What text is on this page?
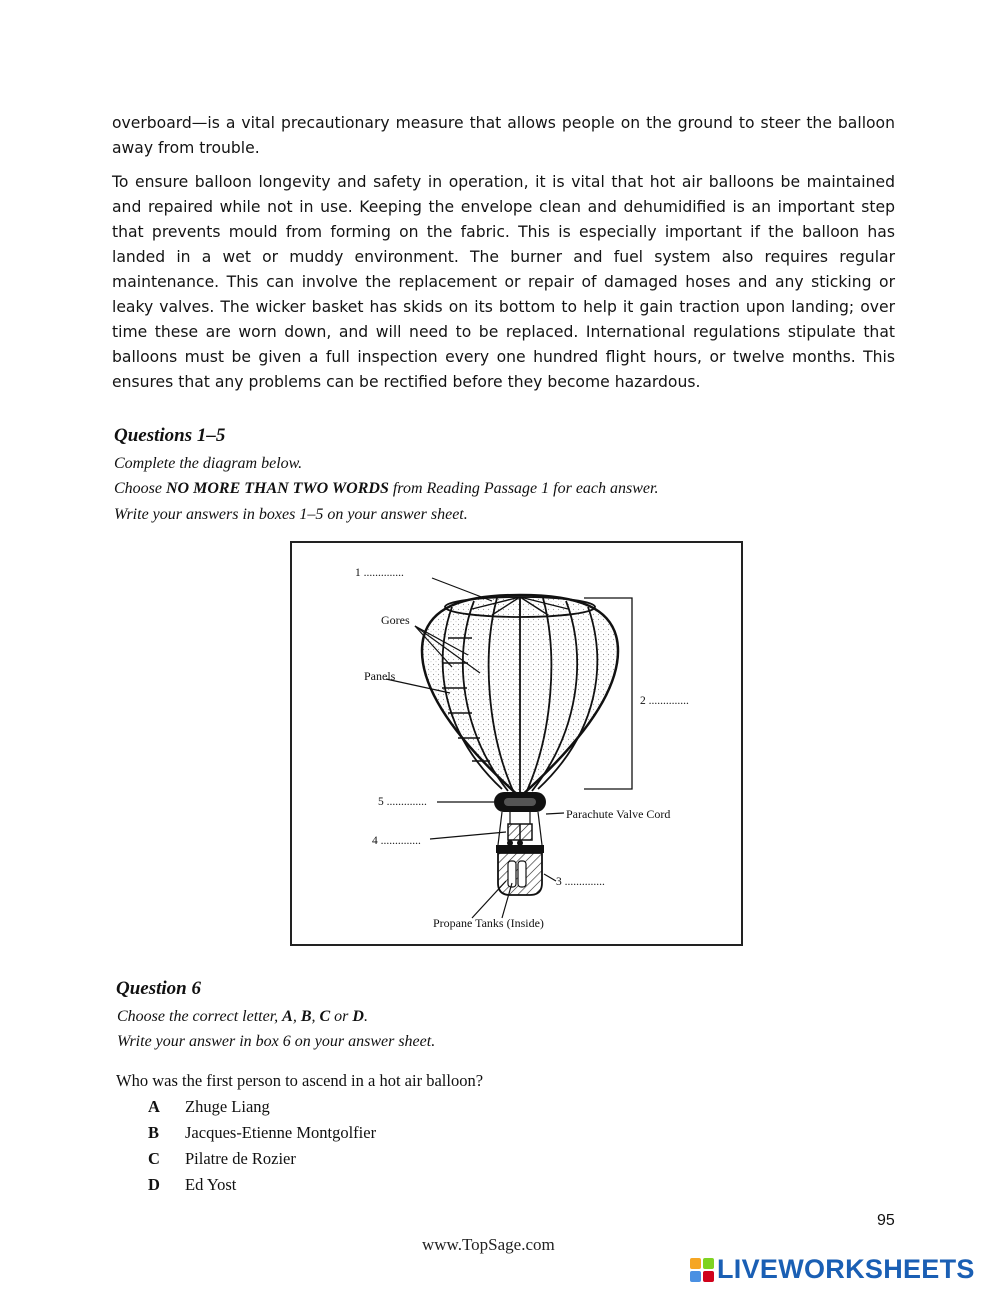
overboard—is a vital precautionary measure that allows people on the ground to steer the balloon away from trouble.

To ensure balloon longevity and safety in operation, it is vital that hot air balloons be maintained and repaired while not in use. Keeping the envelope clean and dehumidified is an important step that prevents mould from forming on the fabric. This is especially important if the balloon has landed in a wet or muddy environment. The burner and fuel system also requires regular maintenance. This can involve the replacement or repair of damaged hoses and any sticking or leaky valves. The wicker basket has skids on its bottom to help it gain traction upon landing; over time these are worn down, and will need to be replaced. International regulations stipulate that balloons must be given a full inspection every one hundred flight hours, or twelve months. This ensures that any problems can be rectified before they become hazardous.

Questions 1–5
Complete the diagram below.
Choose NO MORE THAN TWO WORDS from Reading Passage 1 for each answer.
Write your answers in boxes 1–5 on your answer sheet.
1 ..............
Gores
Panels
2 ..............
5 ..............
Parachute Valve Cord
4 ..............
3 ..............
Propane Tanks (Inside)
Question 6
Choose the correct letter, A, B, C or D.
Write your answer in box 6 on your answer sheet.
Who was the first person to ascend in a hot air balloon?
A	Zhuge Liang
B	Jacques-Etienne Montgolfier
C	Pilatre de Rozier
D	Ed Yost
95
www.TopSage.com
LIVEWORKSHEETS
